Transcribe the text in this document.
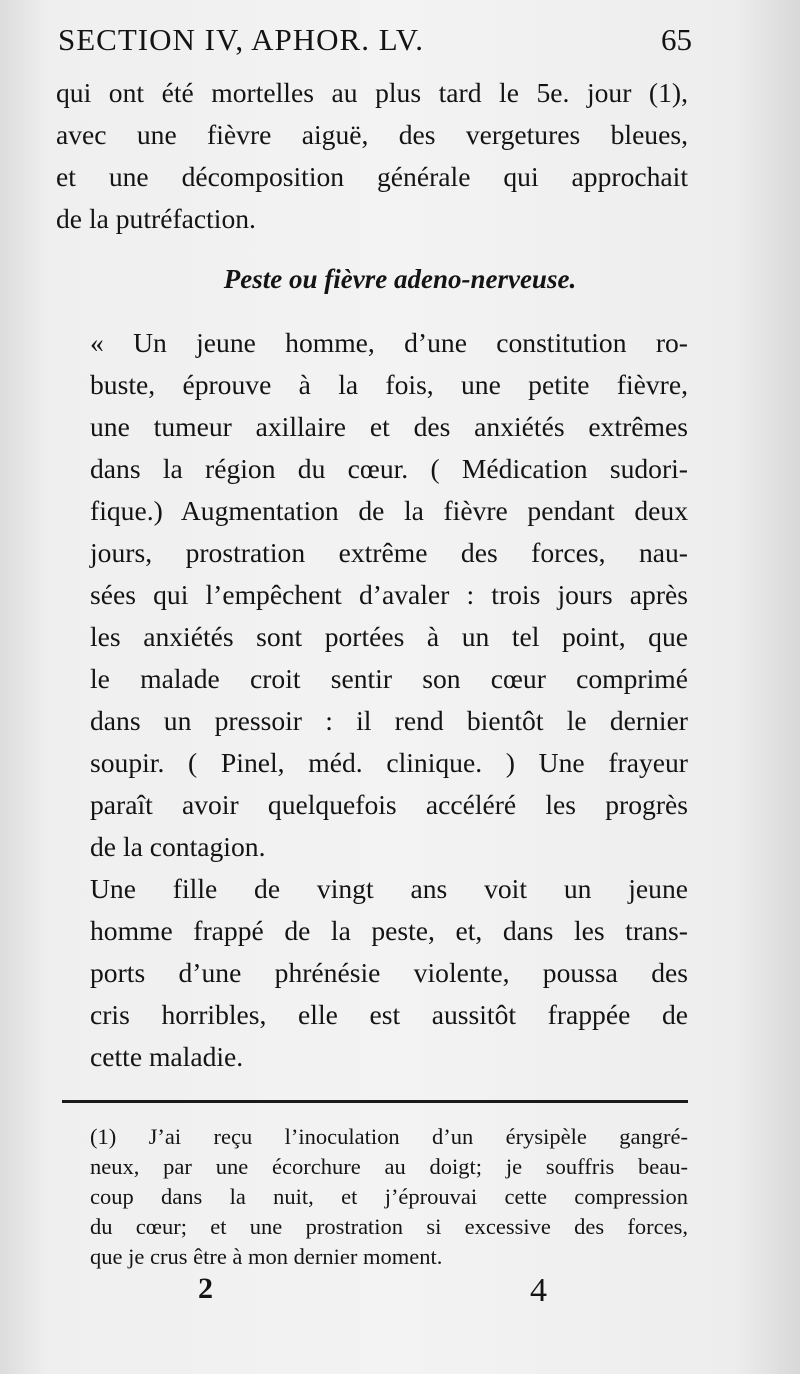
SECTION IV, APHOR. LV.	65
qui ont été mortelles au plus tard le 5e. jour (1),
avec une fièvre aiguë, des vergetures bleues,
et une décomposition générale qui approchait
de la putréfaction.
Peste ou fièvre adeno-nerveuse.
« Un jeune homme, d’une constitution ro-
buste, éprouve à la fois, une petite fièvre,
une tumeur axillaire et des anxiétés extrêmes
dans la région du cœur. ( Médication sudori-
fique.) Augmentation de la fièvre pendant deux
jours, prostration extrême des forces, nau-
sées qui l’empêchent d’avaler : trois jours après
les anxiétés sont portées à un tel point, que
le malade croit sentir son cœur comprimé
dans un pressoir : il rend bientôt le dernier
soupir. ( Pinel, méd. clinique. ) Une frayeur
paraît avoir quelquefois accéléré les progrès
de la contagion.
Une fille de vingt ans voit un jeune
homme frappé de la peste, et, dans les trans-
ports d’une phrénésie violente, poussa des
cris horribles, elle est aussitôt frappée de
cette maladie.
(1) J’ai reçu l’inoculation d’un érysipèle gangré-
neux, par une écorchure au doigt; je souffris beau-
coup dans la nuit, et j’éprouvai cette compression
du cœur; et une prostration si excessive des forces,
que je crus être à mon dernier moment.
2	4
